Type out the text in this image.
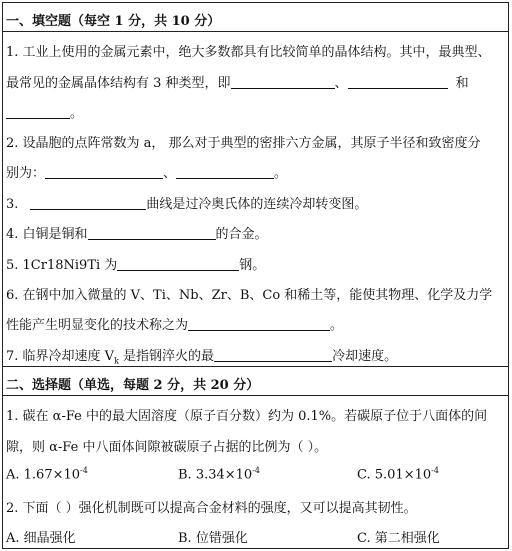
一、填空题（每空 1 分，共 10 分）
1. 工业上使用的金属元素中，绝大多数都具有比较简单的晶体结构。其中，最典型、
最常见的金属晶体结构有 3 种类型，即	、	和
。
2. 设晶胞的点阵常数为 a， 那么对于典型的密排六方金属，其原子半径和致密度分
别为：	、	。
3.	曲线是过冷奥氏体的连续冷却转变图。
4. 白铜是铜和	的合金。
5. 1Cr18Ni9Ti 为	钢。
6. 在钢中加入微量的 V、Ti、Nb、Zr、B、Co 和稀土等，能使其物理、化学及力学
性能产生明显变化的技术称之为	。
7. 临界冷却速度 $V_k$ 是指钢淬火的最	冷却速度。
二、选择题（单选，每题 2 分，共 20 分）
1. 碳在 α-Fe 中的最大固溶度（原子百分数）约为 0.1%。若碳原子位于八面体的间
隙，则 α-Fe 中八面体间隙被碳原子占据的比例为（ ）。
A. $1.67\times 10^{-4}$	B. $3.34\times 10^{-4}$	C. $5.01\times 10^{-4}$
2. 下面（ ）强化机制既可以提高合金材料的强度，又可以提高其韧性。
A. 细晶强化	B. 位错强化	C. 第二相强化
